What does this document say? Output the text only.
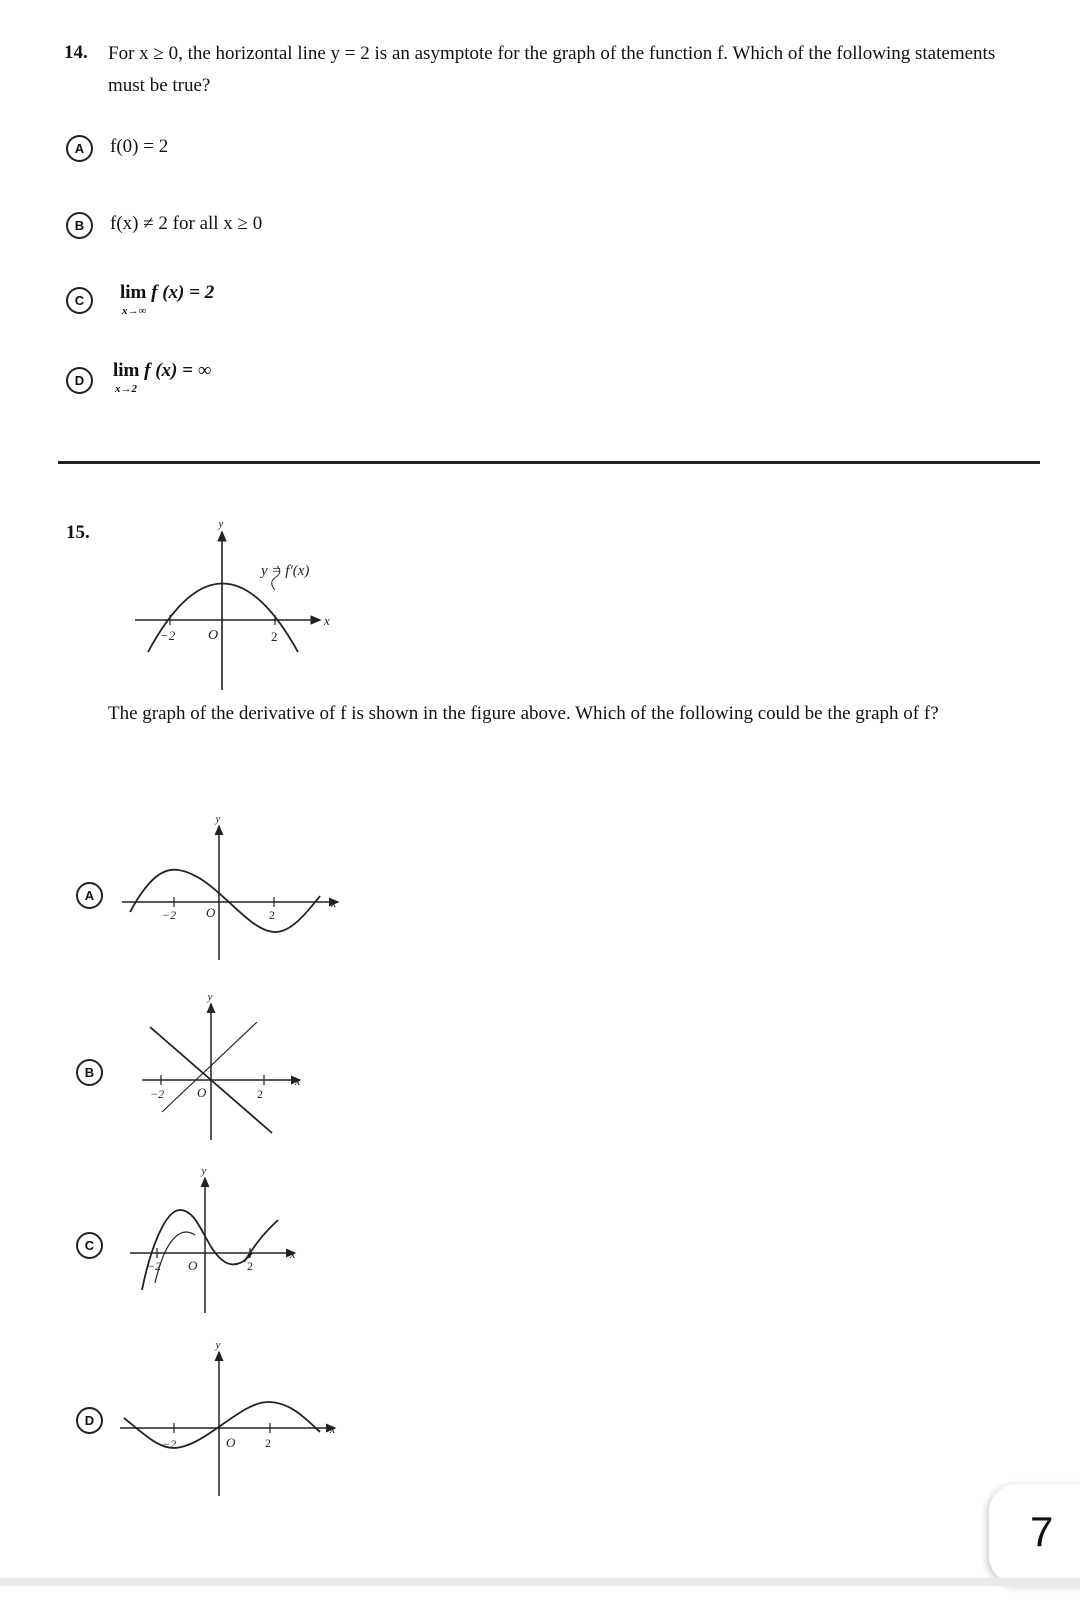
14. For x ≥ 0, the horizontal line y = 2 is an asymptote for the graph of the function f. Which of the following statements must be true?
A	f(0) = 2
B	f(x) ≠ 2 for all x ≥ 0
C	lim
x→∞
f (x) = 2
D	lim
x→2
f (x) = ∞
15.	y
x
−2	2
O
y = f′(x)
y
x
−2	2
O
y
x
−2	2
O
y
x
−2	2
O
y
x
−2	2
O
The graph of the derivative of f is shown in the figure above. Which of the following could be the graph of f?
A
B
C
D
7
